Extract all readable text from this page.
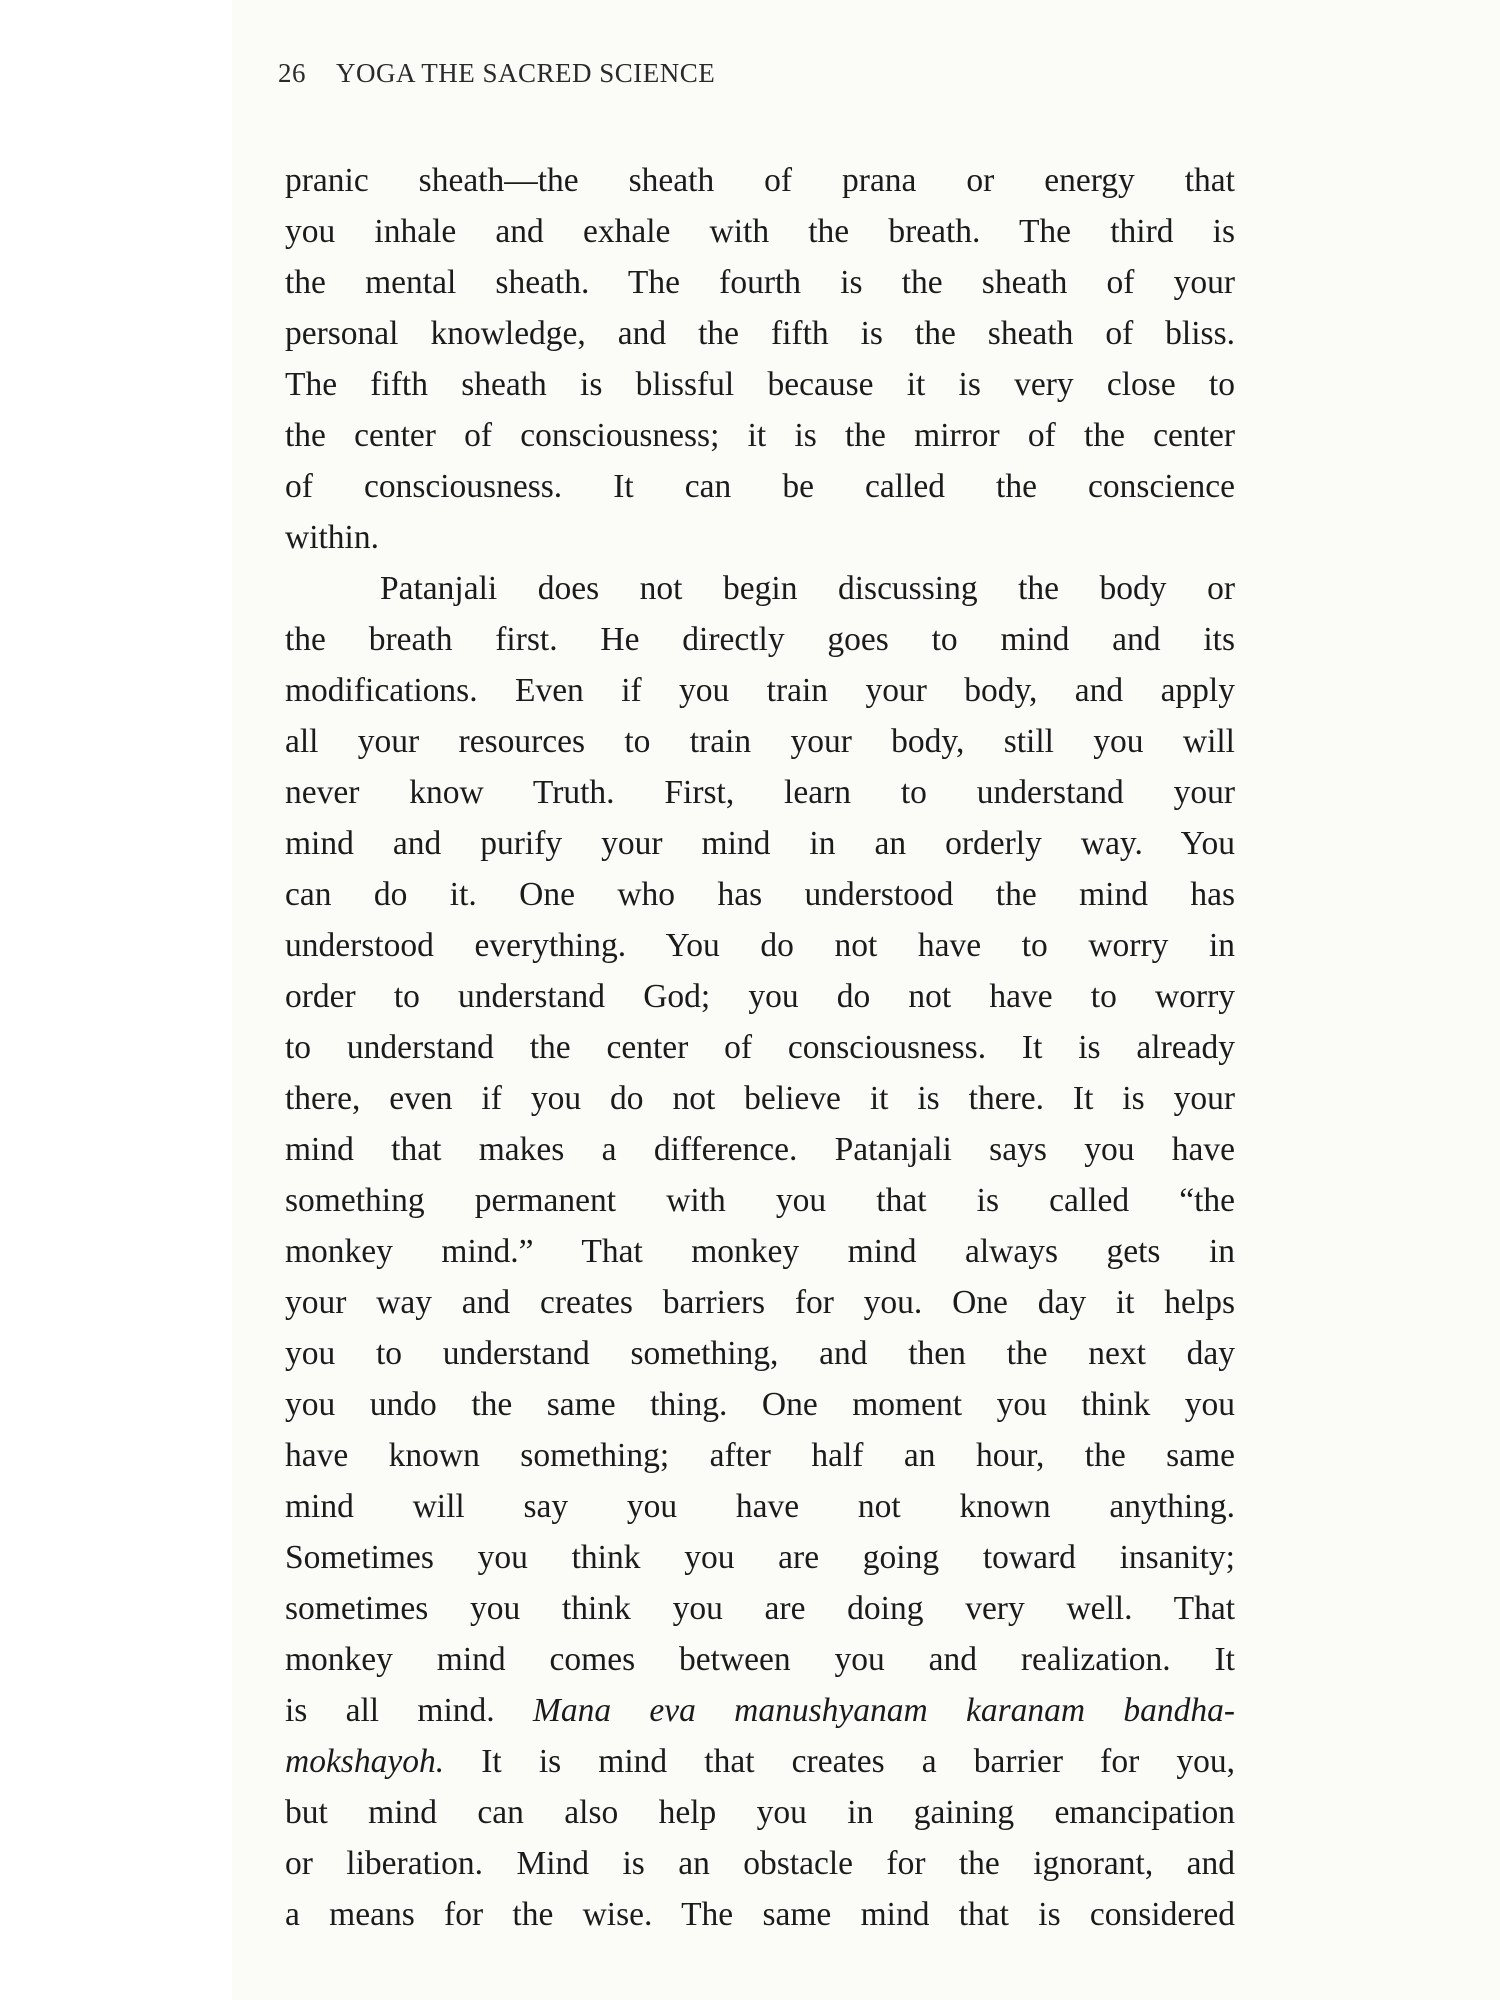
26 YOGA THE SACRED SCIENCE
pranic sheath—the sheath of prana or energy that
you inhale and exhale with the breath. The third is
the mental sheath. The fourth is the sheath of your
personal knowledge, and the fifth is the sheath of bliss.
The fifth sheath is blissful because it is very close to
the center of consciousness; it is the mirror of the center
of consciousness. It can be called the conscience
within.
Patanjali does not begin discussing the body or
the breath first. He directly goes to mind and its
modifications. Even if you train your body, and apply
all your resources to train your body, still you will
never know Truth. First, learn to understand your
mind and purify your mind in an orderly way. You
can do it. One who has understood the mind has
understood everything. You do not have to worry in
order to understand God; you do not have to worry
to understand the center of consciousness. It is already
there, even if you do not believe it is there. It is your
mind that makes a difference. Patanjali says you have
something permanent with you that is called “the
monkey mind.” That monkey mind always gets in
your way and creates barriers for you. One day it helps
you to understand something, and then the next day
you undo the same thing. One moment you think you
have known something; after half an hour, the same
mind will say you have not known anything.
Sometimes you think you are going toward insanity;
sometimes you think you are doing very well. That
monkey mind comes between you and realization. It
is all mind. Mana eva manushyanam karanam bandha-
mokshayoh. It is mind that creates a barrier for you,
but mind can also help you in gaining emancipation
or liberation. Mind is an obstacle for the ignorant, and
a means for the wise. The same mind that is considered
